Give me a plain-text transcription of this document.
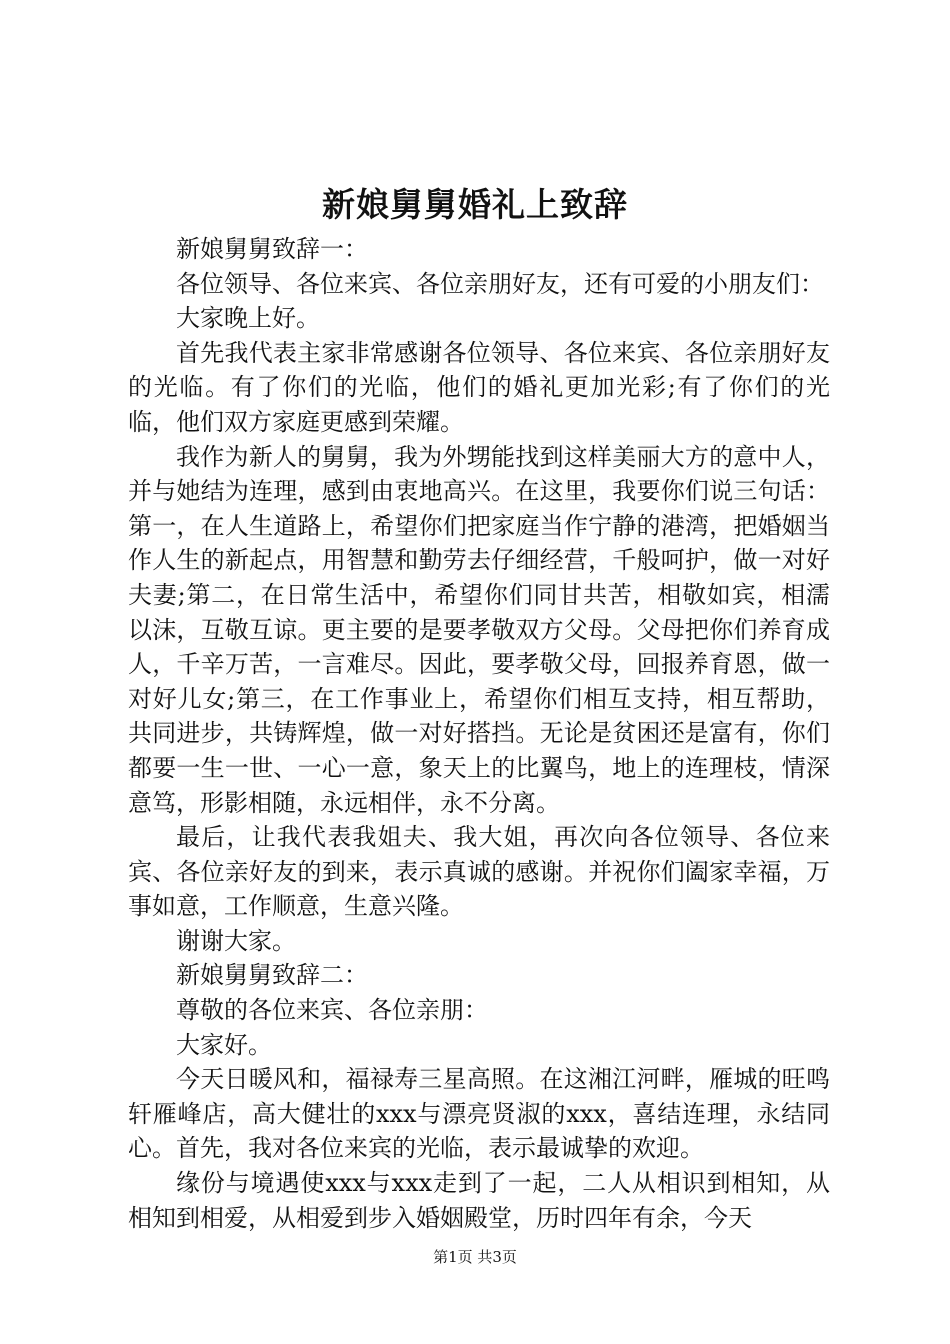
新娘舅舅婚礼上致辞

新娘舅舅致辞一：

各位领导、各位来宾、各位亲朋好友，还有可爱的小朋友们：

大家晚上好。

首先我代表主家非常感谢各位领导、各位来宾、各位亲朋好友的光临。有了你们的光临，他们的婚礼更加光彩;有了你们的光临，他们双方家庭更感到荣耀。

我作为新人的舅舅，我为外甥能找到这样美丽大方的意中人，并与她结为连理，感到由衷地高兴。在这里，我要你们说三句话：第一，在人生道路上，希望你们把家庭当作宁静的港湾，把婚姻当作人生的新起点，用智慧和勤劳去仔细经营，千般呵护，做一对好夫妻;第二，在日常生活中，希望你们同甘共苦，相敬如宾，相濡以沫，互敬互谅。更主要的是要孝敬双方父母。父母把你们养育成人，千辛万苦，一言难尽。因此，要孝敬父母，回报养育恩，做一对好儿女;第三，在工作事业上，希望你们相互支持，相互帮助，共同进步，共铸辉煌，做一对好搭挡。无论是贫困还是富有，你们都要一生一世、一心一意，象天上的比翼鸟，地上的连理枝，情深意笃，形影相随，永远相伴，永不分离。

最后，让我代表我姐夫、我大姐，再次向各位领导、各位来宾、各位亲好友的到来，表示真诚的感谢。并祝你们阖家幸福，万事如意，工作顺意，生意兴隆。

谢谢大家。

新娘舅舅致辞二：

尊敬的各位来宾、各位亲朋：

大家好。

今天日暖风和，福禄寿三星高照。在这湘江河畔，雁城的旺鸣轩雁峰店，高大健壮的xxx与漂亮贤淑的xxx，喜结连理，永结同心。首先，我对各位来宾的光临，表示最诚挚的欢迎。

缘份与境遇使xxx与xxx走到了一起，二人从相识到相知，从相知到相爱，从相爱到步入婚姻殿堂，历时四年有余，今天

第1页 共3页
